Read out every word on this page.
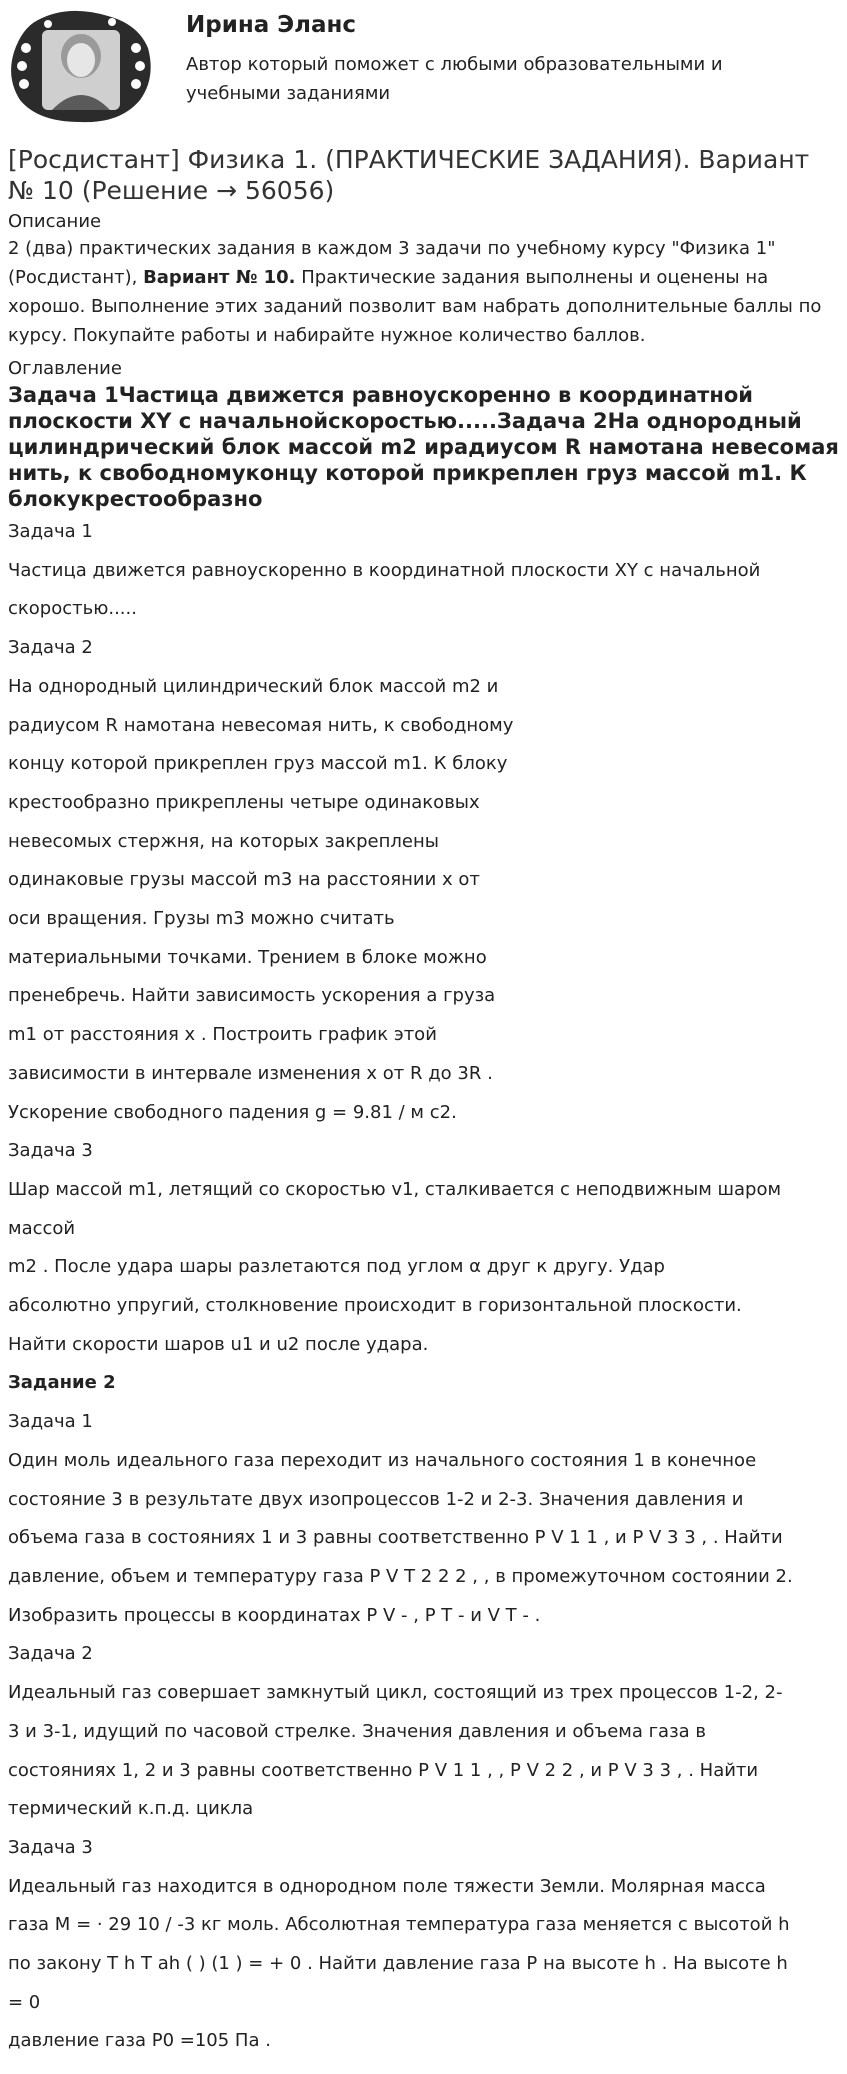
Ирина Эланс
Автор который поможет с любыми образовательными и учебными заданиями
[Росдистант] Физика 1. (ПРАКТИЧЕСКИЕ ЗАДАНИЯ). Вариант № 10 (Решение → 56056)
Описание
2 (два) практических задания в каждом 3 задачи по учебному курсу "Физика 1" (Росдистант), Вариант № 10. Практические задания выполнены и оценены на хорошо. Выполнение этих заданий позволит вам набрать дополнительные баллы по курсу. Покупайте работы и набирайте нужное количество баллов.
Оглавление
Задача 1Частица движется равноускоренно в координатной плоскости XY с начальнойскоростью.....Задача 2На однородный цилиндрический блок массой m2 ирадиусом R намотана невесомая нить, к свободномуконцу которой прикреплен груз массой m1. К блокукрестообразно
Задача 1
Частица движется равноускоренно в координатной плоскости XY с начальной
скоростью.....
Задача 2
На однородный цилиндрический блок массой m2 и
радиусом R намотана невесомая нить, к свободному
концу которой прикреплен груз массой m1. К блоку
крестообразно прикреплены четыре одинаковых
невесомых стержня, на которых закреплены
одинаковые грузы массой m3 на расстоянии x от
оси вращения. Грузы m3 можно считать
материальными точками. Трением в блоке можно
пренебречь. Найти зависимость ускорения a груза
m1 от расстояния x . Построить график этой
зависимости в интервале изменения x от R до 3R .
Ускорение свободного падения g = 9.81 / м с2.
Задача 3
Шар массой m1, летящий со скоростью v1, сталкивается с неподвижным шаром
массой
m2 . После удара шары разлетаются под углом α друг к другу. Удар
абсолютно упругий, столкновение происходит в горизонтальной плоскости.
Найти скорости шаров u1 и u2 после удара.
Задание 2
Задача 1
Один моль идеального газа переходит из начального состояния 1 в конечное
состояние 3 в результате двух изопроцессов 1-2 и 2-3. Значения давления и
объема газа в состояниях 1 и 3 равны соответственно P V 1 1 , и P V 3 3 , . Найти
давление, объем и температуру газа P V T 2 2 2 , , в промежуточном состоянии 2.
Изобразить процессы в координатах P V - , P T - и V T - .
Задача 2
Идеальный газ совершает замкнутый цикл, состоящий из трех процессов 1-2, 2-
3 и 3-1, идущий по часовой стрелке. Значения давления и объема газа в
состояниях 1, 2 и 3 равны соответственно P V 1 1 , , P V 2 2 , и P V 3 3 , . Найти
термический к.п.д. цикла
Задача 3
Идеальный газ находится в однородном поле тяжести Земли. Молярная масса
газа M = · 29 10 / -3 кг моль. Абсолютная температура газа меняется с высотой h
по закону T h T ah ( ) (1 ) = + 0 . Найти давление газа P на высоте h . На высоте h
= 0
давление газа P0 =105 Па .
